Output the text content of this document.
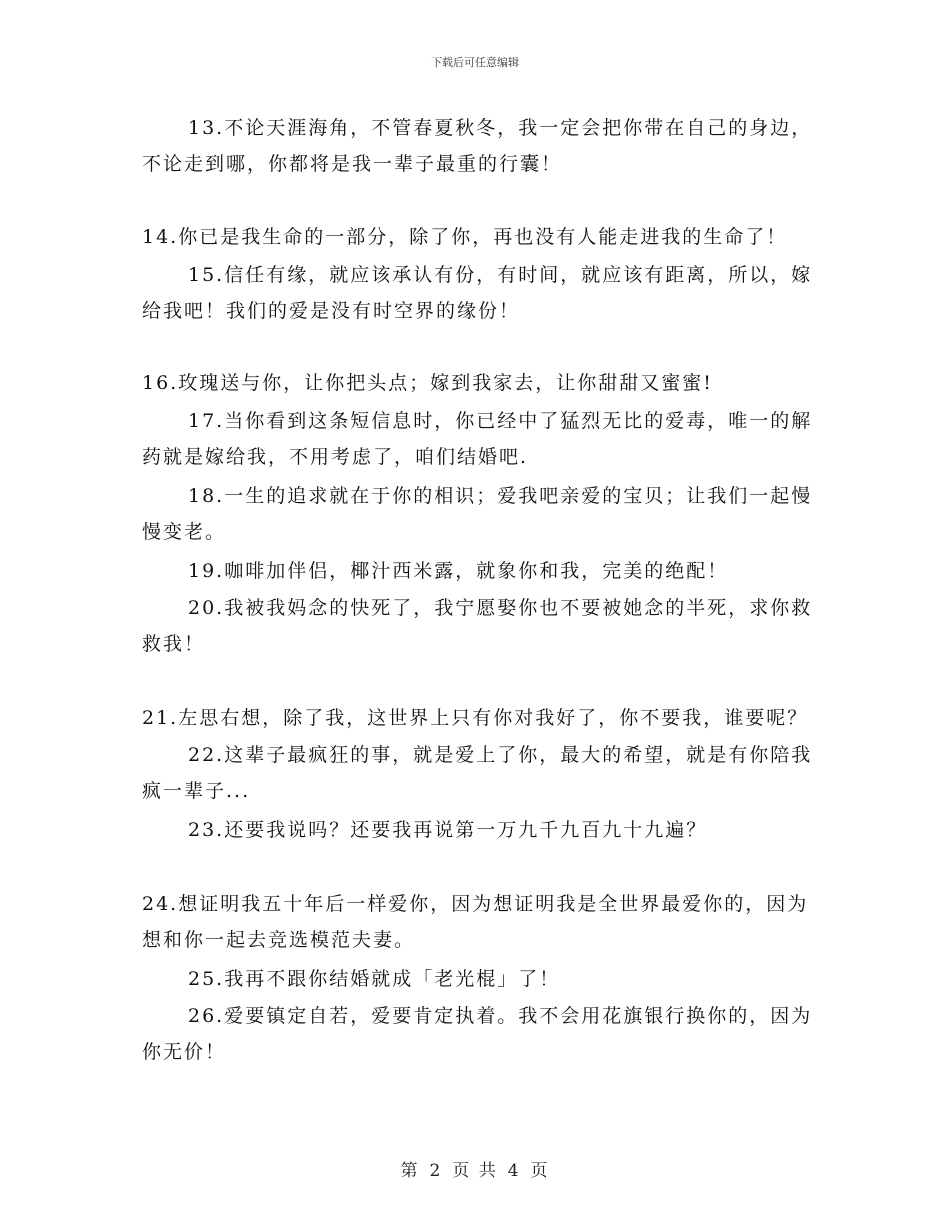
下载后可任意编辑

13.不论天涯海角，不管春夏秋冬，我一定会把你带在自己的身边，不论走到哪，你都将是我一辈子最重的行囊！

14.你已是我生命的一部分，除了你，再也没有人能走进我的生命了！

15.信任有缘，就应该承认有份，有时间，就应该有距离，所以，嫁给我吧！我们的爱是没有时空界的缘份！

16.玫瑰送与你，让你把头点；嫁到我家去，让你甜甜又蜜蜜!

17.当你看到这条短信息时，你已经中了猛烈无比的爱毒，唯一的解药就是嫁给我，不用考虑了，咱们结婚吧.

18.一生的追求就在于你的相识；爱我吧亲爱的宝贝；让我们一起慢慢变老。

19.咖啡加伴侣，椰汁西米露，就象你和我，完美的绝配！

20.我被我妈念的快死了，我宁愿娶你也不要被她念的半死，求你救救我！

21.左思右想，除了我，这世界上只有你对我好了，你不要我，谁要呢？

22.这辈子最疯狂的事，就是爱上了你，最大的希望，就是有你陪我疯一辈子...

23.还要我说吗？还要我再说第一万九千九百九十九遍？

24.想证明我五十年后一样爱你，因为想证明我是全世界最爱你的，因为想和你一起去竞选模范夫妻。

25.我再不跟你结婚就成「老光棍」了！

26.爱要镇定自若，爱要肯定执着。我不会用花旗银行换你的，因为你无价！

第 2 页 共 4 页
